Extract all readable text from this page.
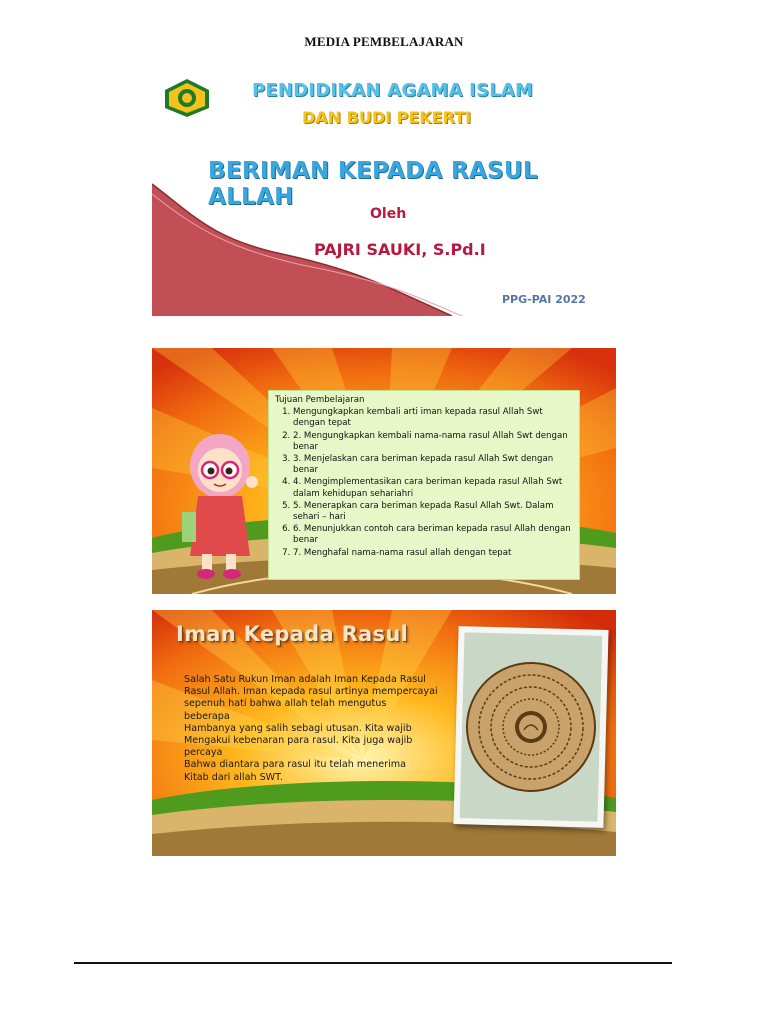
MEDIA PEMBELAJARAN
PENDIDIKAN AGAMA ISLAM
DAN BUDI PEKERTI
BERIMAN KEPADA RASUL ALLAH
Oleh
PAJRI SAUKI, S.Pd.I
PPG-PAI 2022
Tujuan Pembelajaran
1. Mengungkapkan kembali arti iman kepada rasul Allah Swt dengan tepat
2. 2. Mengungkapkan kembali nama-nama rasul Allah Swt dengan benar
3. 3. Menjelaskan cara beriman kepada rasul Allah Swt dengan benar
4. 4. Mengimplementasikan cara beriman kepada rasul Allah Swt dalam kehidupan sehariahri
5. 5. Menerapkan cara beriman kepada Rasul Allah Swt. Dalam sehari – hari
6. 6. Menunjukkan contoh cara beriman kepada rasul Allah dengan benar
7. 7. Menghafal nama-nama rasul allah dengan tepat
Iman Kepada Rasul

Salah Satu Rukun Iman adalah Iman Kepada Rasul

Rasul Allah. Iman kepada rasul artinya mempercayai

sepenuh hati bahwa allah telah mengutus

beberapa

Hambanya yang salih sebagi utusan. Kita wajib

Mengakui kebenaran para rasul. Kita juga wajib

percaya

Bahwa diantara para rasul itu telah menerima

Kitab dari allah SWT.
